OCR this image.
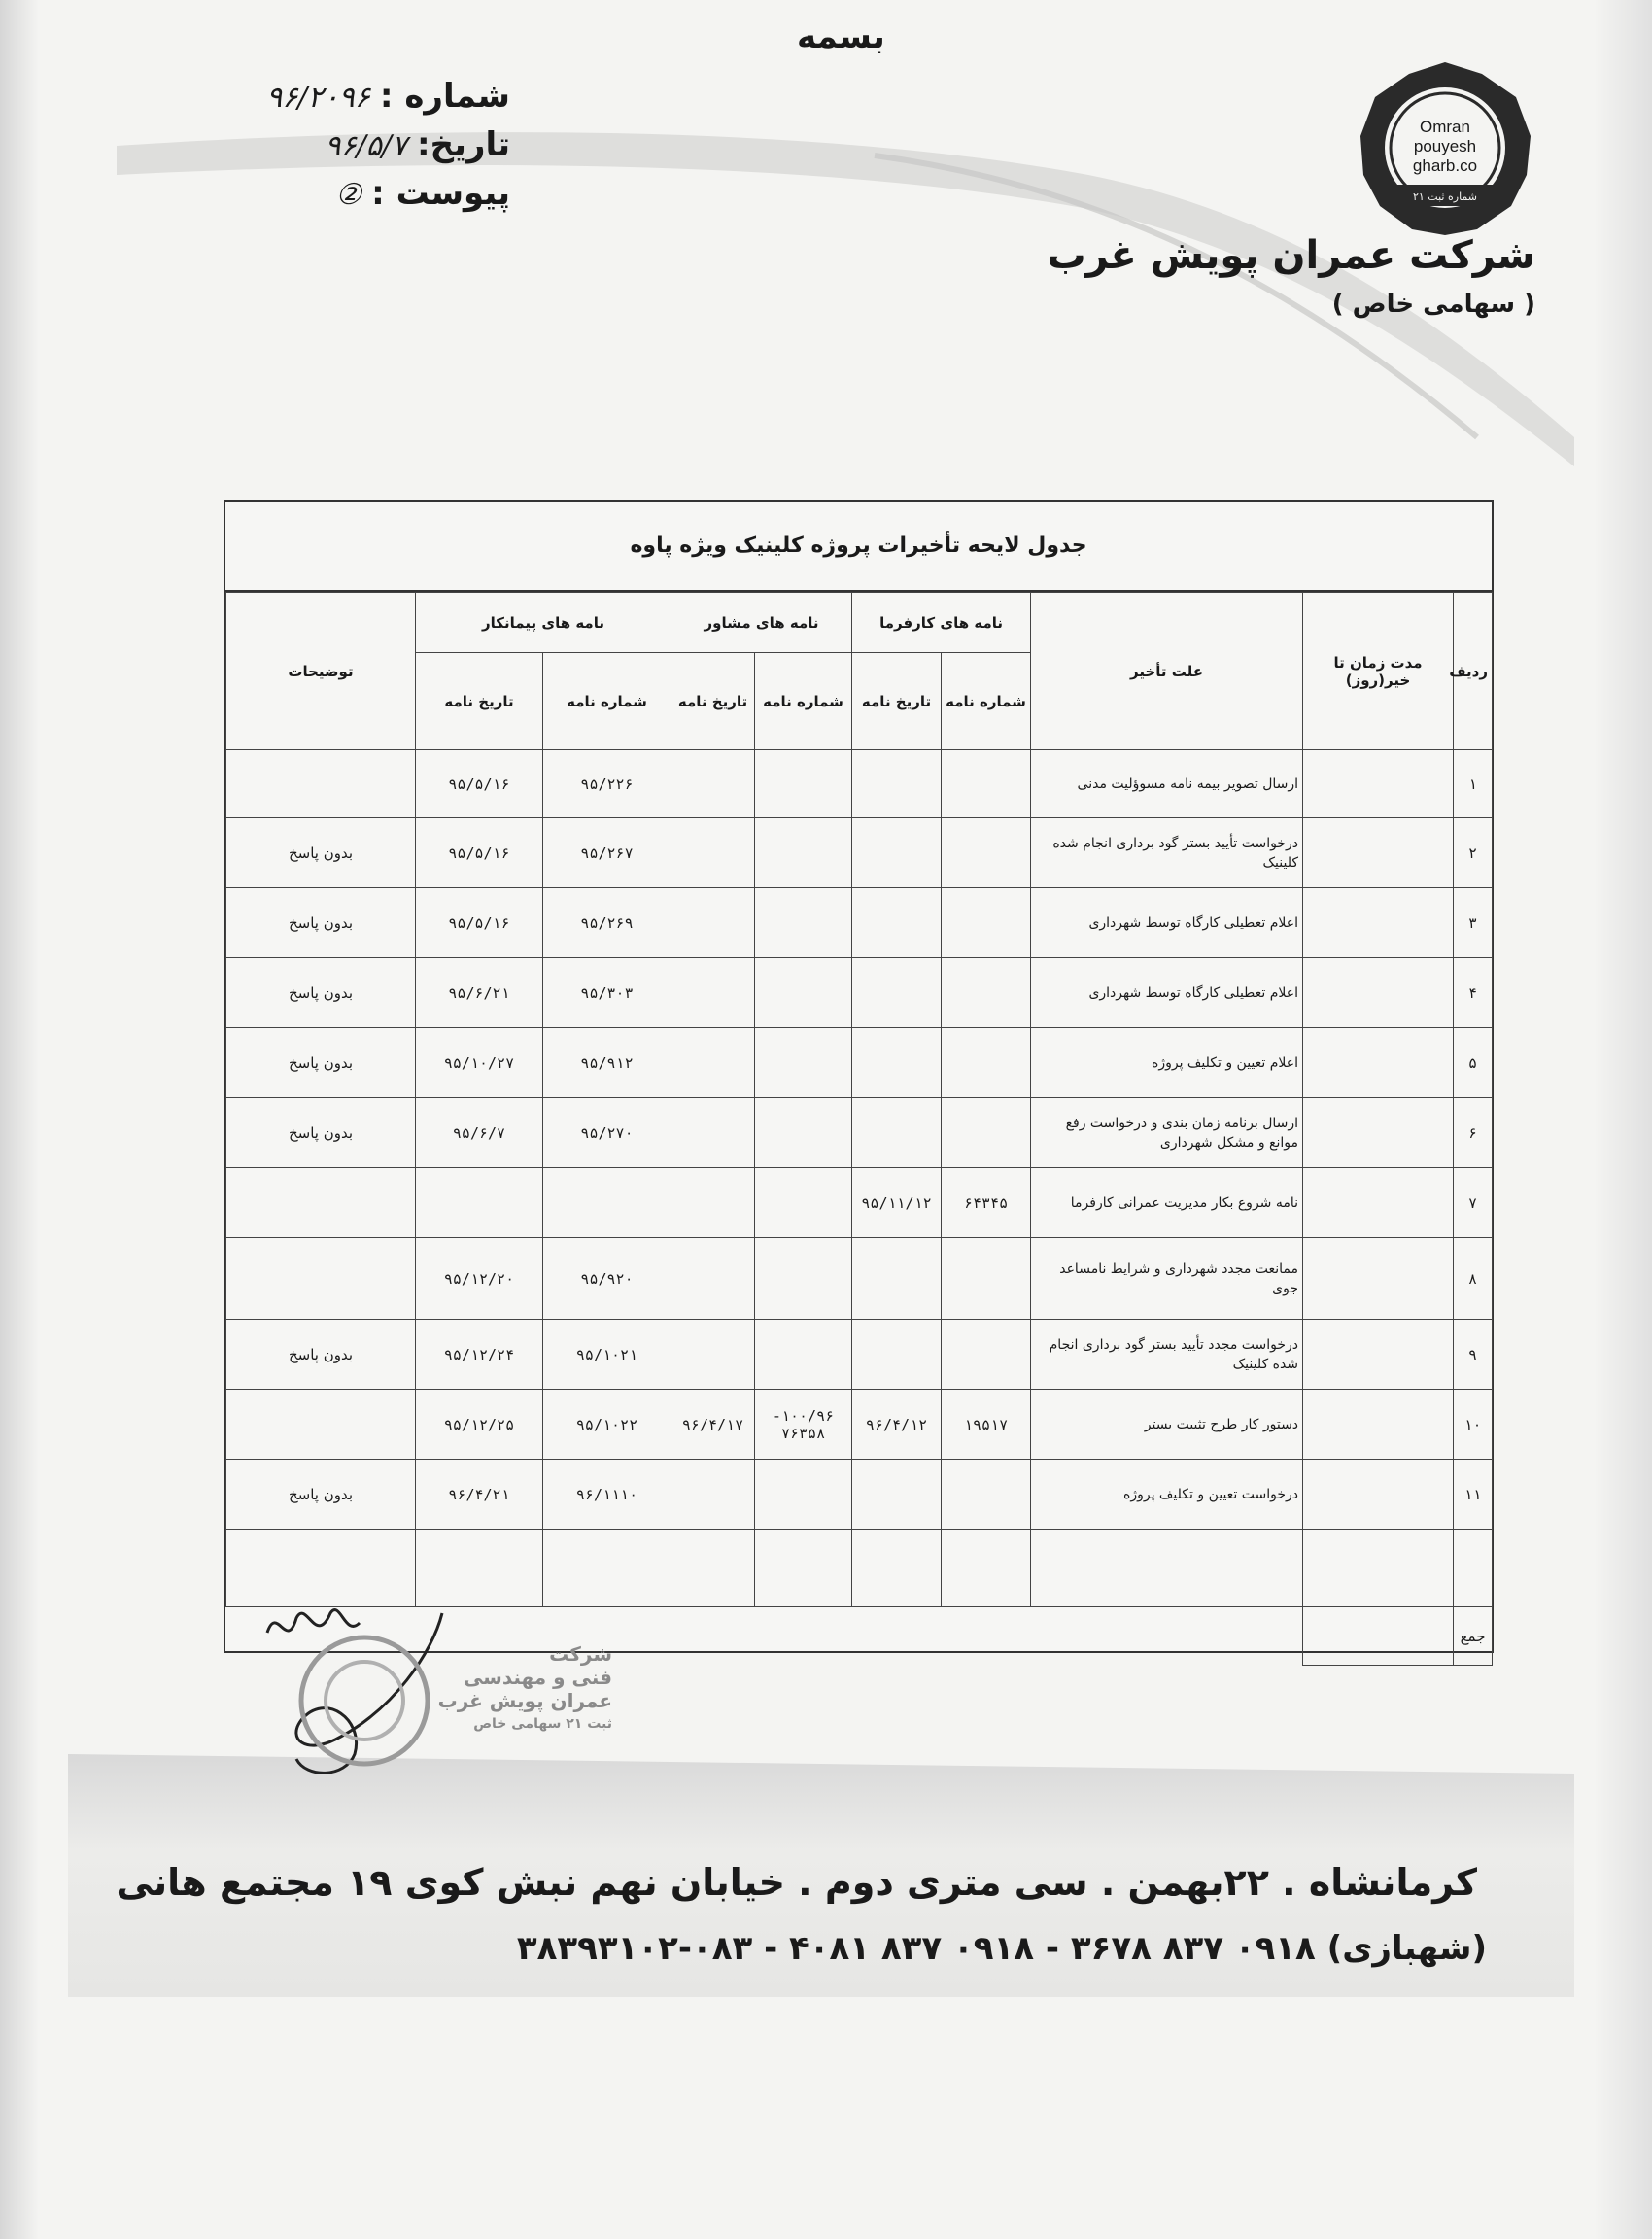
بسمه
شماره :
۹۶/۲۰۹۶
تاریخ:
۹۶/۵/۷
پیوست :
②
Omran
pouyesh
gharb.co
شماره ثبت ۲۱
شرکت عمران پویش غرب
( سهامی خاص )
جدول لایحه تأخیرات پروژه کلینیک ویژه پاوه
ردیف	مدت زمان تا خیر(روز)	علت تأخیر	نامه های کارفرما		نامه های مشاور		نامه های پیمانکار		توضیحات
			شماره نامه	تاریخ نامه	شماره نامه	تاریخ نامه	شماره نامه	تاریخ نامه	
۱		ارسال تصویر بیمه نامه مسوؤلیت مدنی					۹۵/۲۲۶	۹۵/۵/۱۶	
۲		درخواست تأیید بستر گود برداری انجام شده کلینیک					۹۵/۲۶۷	۹۵/۵/۱۶	بدون پاسخ
۳		اعلام تعطیلی کارگاه توسط شهرداری					۹۵/۲۶۹	۹۵/۵/۱۶	بدون پاسخ
۴		اعلام تعطیلی کارگاه توسط شهرداری					۹۵/۳۰۳	۹۵/۶/۲۱	بدون پاسخ
۵		اعلام تعیین و تکلیف پروژه					۹۵/۹۱۲	۹۵/۱۰/۲۷	بدون پاسخ
۶		ارسال برنامه زمان بندی و درخواست رفع موانع و مشکل شهرداری					۹۵/۲۷۰	۹۵/۶/۷	بدون پاسخ
۷		نامه شروع بکار مدیریت عمرانی کارفرما	۶۴۳۴۵	۹۵/۱۱/۱۲					
۸		ممانعت مجدد شهرداری و شرایط نامساعد جوی					۹۵/۹۲۰	۹۵/۱۲/۲۰	
۹		درخواست مجدد تأیید بستر گود برداری انجام شده کلینیک					۹۵/۱۰۲۱	۹۵/۱۲/۲۴	بدون پاسخ
۱۰		دستور کار طرح تثبیت بستر	۱۹۵۱۷	۹۶/۴/۱۲	۱۰۰/۹۶- ۷۶۳۵۸	۹۶/۴/۱۷	۹۵/۱۰۲۲	۹۵/۱۲/۲۵	
۱۱		درخواست تعیین و تکلیف پروژه					۹۶/۱۱۱۰	۹۶/۴/۲۱	بدون پاسخ

جمع									
شرکت
فنی و مهندسی
عمران پویش غرب
ثبت ۲۱ سهامی خاص
کرمانشاه . ۲۲بهمن . سی متری دوم . خیابان نهم نبش کوی ۱۹ مجتمع هانی
(شهبازی) ۰۹۱۸ ۸۳۷ ۳۶۷۸ - ۰۹۱۸ ۸۳۷ ۴۰۸۱ - ۰۸۳-۳۸۳۹۳۱۰۲
